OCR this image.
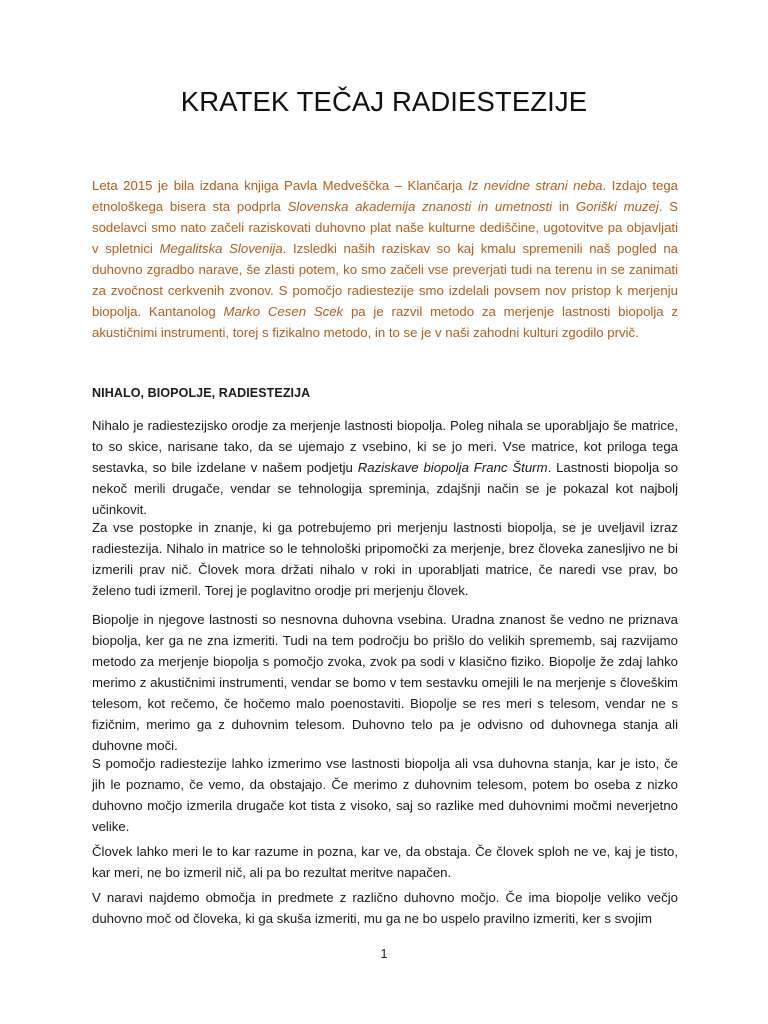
KRATEK TEČAJ RADIESTEZIJE

Leta 2015 je bila izdana knjiga Pavla Medveščka – Klančarja Iz nevidne strani neba. Izdajo tega etnološkega bisera sta podprla Slovenska akademija znanosti in umetnosti in Goriški muzej. S sodelavci smo nato začeli raziskovati duhovno plat naše kulturne dediščine, ugotovitve pa objavljati v spletnici Megalitska Slovenija. Izsledki naših raziskav so kaj kmalu spremenili naš pogled na duhovno zgradbo narave, še zlasti potem, ko smo začeli vse preverjati tudi na terenu in se zanimati za zvočnost cerkvenih zvonov. S pomočjo radiestezije smo izdelali povsem nov pristop k merjenju biopolja. Kantanolog Marko Cesen Scek pa je razvil metodo za merjenje lastnosti biopolja z akustičnimi instrumenti, torej s fizikalno metodo, in to se je v naši zahodni kulturi zgodilo prvič.

NIHALO, BIOPOLJE, RADIESTEZIJA

Nihalo je radiestezijsko orodje za merjenje lastnosti biopolja. Poleg nihala se uporabljajo še matrice, to so skice, narisane tako, da se ujemajo z vsebino, ki se jo meri. Vse matrice, kot priloga tega sestavka, so bile izdelane v našem podjetju Raziskave biopolja Franc Šturm. Lastnosti biopolja so nekoč merili drugače, vendar se tehnologija spreminja, zdajšnji način se je pokazal kot najbolj učinkovit.

Za vse postopke in znanje, ki ga potrebujemo pri merjenju lastnosti biopolja, se je uveljavil izraz radiestezija. Nihalo in matrice so le tehnološki pripomočki za merjenje, brez človeka zanesljivo ne bi izmerili prav nič. Človek mora držati nihalo v roki in uporabljati matrice, če naredi vse prav, bo želeno tudi izmeril. Torej je poglavitno orodje pri merjenju človek.

Biopolje in njegove lastnosti so nesnovna duhovna vsebina. Uradna znanost še vedno ne priznava biopolja, ker ga ne zna izmeriti. Tudi na tem področju bo prišlo do velikih sprememb, saj razvijamo metodo za merjenje biopolja s pomočjo zvoka, zvok pa sodi v klasično fiziko. Biopolje že zdaj lahko merimo z akustičnimi instrumenti, vendar se bomo v tem sestavku omejili le na merjenje s človeškim telesom, kot rečemo, če hočemo malo poenostaviti. Biopolje se res meri s telesom, vendar ne s fizičnim, merimo ga z duhovnim telesom. Duhovno telo pa je odvisno od duhovnega stanja ali duhovne moči.

S pomočjo radiestezije lahko izmerimo vse lastnosti biopolja ali vsa duhovna stanja, kar je isto, če jih le poznamo, če vemo, da obstajajo. Če merimo z duhovnim telesom, potem bo oseba z nizko duhovno močjo izmerila drugače kot tista z visoko, saj so razlike med duhovnimi močmi neverjetno velike.

Človek lahko meri le to kar razume in pozna, kar ve, da obstaja. Če človek sploh ne ve, kaj je tisto, kar meri, ne bo izmeril nič, ali pa bo rezultat meritve napačen.

V naravi najdemo območja in predmete z različno duhovno močjo. Če ima biopolje veliko večjo duhovno moč od človeka, ki ga skuša izmeriti, mu ga ne bo uspelo pravilno izmeriti, ker s svojim

1
